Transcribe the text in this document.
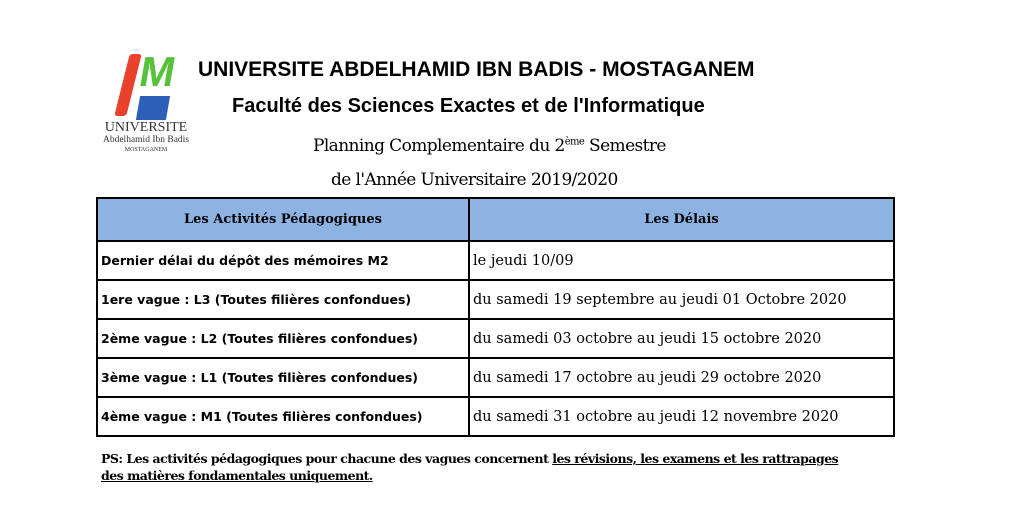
M
UNIVERSITE
Abdelhamid Ibn Badis
MOSTAGANEM
UNIVERSITE ABDELHAMID IBN BADIS - MOSTAGANEM
Faculté des Sciences Exactes et de l'Informatique
Planning Complementaire du 2ème Semestre
de l'Année Universitaire 2019/2020
Les Activités Pédagogiques	Les Délais
Dernier délai du dépôt des mémoires M2	le jeudi 10/09
1ere vague : L3 (Toutes filières confondues)	du samedi 19 septembre au jeudi 01 Octobre 2020
2ème vague : L2 (Toutes filières confondues)	du samedi 03 octobre au jeudi 15 octobre 2020
3ème vague : L1 (Toutes filières confondues)	du samedi 17 octobre au jeudi 29 octobre 2020
4ème vague : M1 (Toutes filières confondues)	du samedi 31 octobre au jeudi 12 novembre 2020
PS: Les activités pédagogiques pour chacune des vagues concernent les révisions, les examens et les rattrapages des matières fondamentales uniquement.
